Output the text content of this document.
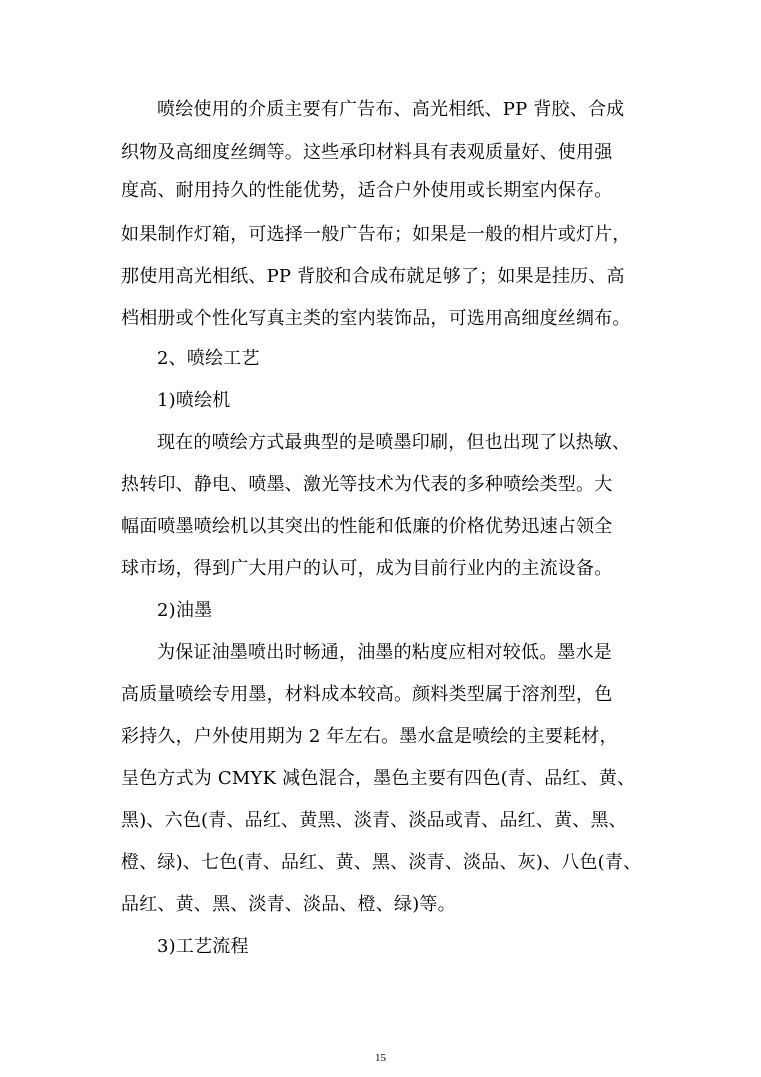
喷绘使用的介质主要有广告布、高光相纸、PP 背胶、合成
织物及高细度丝绸等。这些承印材料具有表观质量好、使用强
度高、耐用持久的性能优势，适合户外使用或长期室内保存。
如果制作灯箱，可选择一般广告布；如果是一般的相片或灯片，
那使用高光相纸、PP 背胶和合成布就足够了；如果是挂历、高
档相册或个性化写真主类的室内装饰品，可选用高细度丝绸布。
2、喷绘工艺
1)喷绘机
现在的喷绘方式最典型的是喷墨印刷，但也出现了以热敏、
热转印、静电、喷墨、激光等技术为代表的多种喷绘类型。大
幅面喷墨喷绘机以其突出的性能和低廉的价格优势迅速占领全
球市场，得到广大用户的认可，成为目前行业内的主流设备。
2)油墨
为保证油墨喷出时畅通，油墨的粘度应相对较低。墨水是
高质量喷绘专用墨，材料成本较高。颜料类型属于溶剂型，色
彩持久，户外使用期为 2 年左右。墨水盒是喷绘的主要耗材，
呈色方式为 CMYK 减色混合，墨色主要有四色(青、品红、黄、
黑)、六色(青、品红、黄黑、淡青、淡品或青、品红、黄、黑、
橙、绿)、七色(青、品红、黄、黑、淡青、淡品、灰)、八色(青、
品红、黄、黑、淡青、淡品、橙、绿)等。
3)工艺流程
15
